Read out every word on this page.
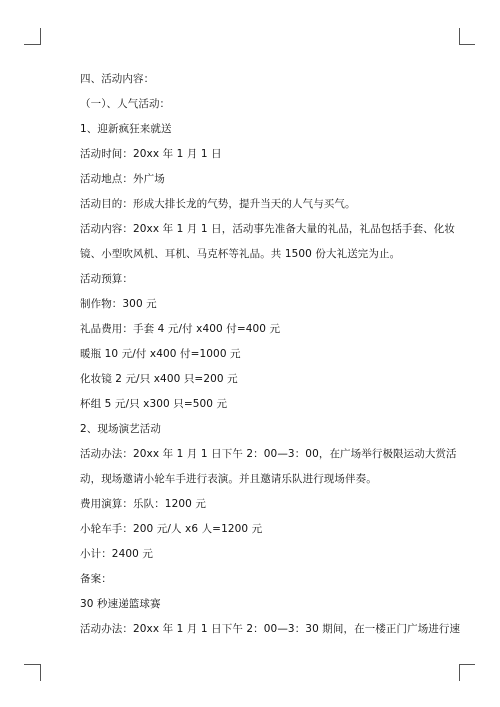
四、活动内容：
（一）、人气活动：
1、迎新疯狂来就送
活动时间：20xx 年 1 月 1 日
活动地点：外广场
活动目的：形成大排长龙的气势，提升当天的人气与买气。
活动内容：20xx 年 1 月 1 日，活动事先准备大量的礼品，礼品包括手套、化妆
镜、小型吹风机、耳机、马克杯等礼品。共 1500 份大礼送完为止。
活动预算：
制作物：300 元
礼品费用：手套 4 元/付 x400 付=400 元
暖瓶 10 元/付 x400 付=1000 元
化妆镜 2 元/只 x400 只=200 元
杯组 5 元/只 x300 只=500 元
2、现场演艺活动
活动办法：20xx 年 1 月 1 日下午 2：00—3：00，在广场举行极限运动大赏活
动，现场邀请小轮车手进行表演。并且邀请乐队进行现场伴奏。
费用演算：乐队：1200 元
小轮车手：200 元/人 x6 人=1200 元
小计：2400 元
备案：
30 秒速递篮球赛
活动办法：20xx 年 1 月 1 日下午 2：00—3：30 期间，在一楼正门广场进行速
